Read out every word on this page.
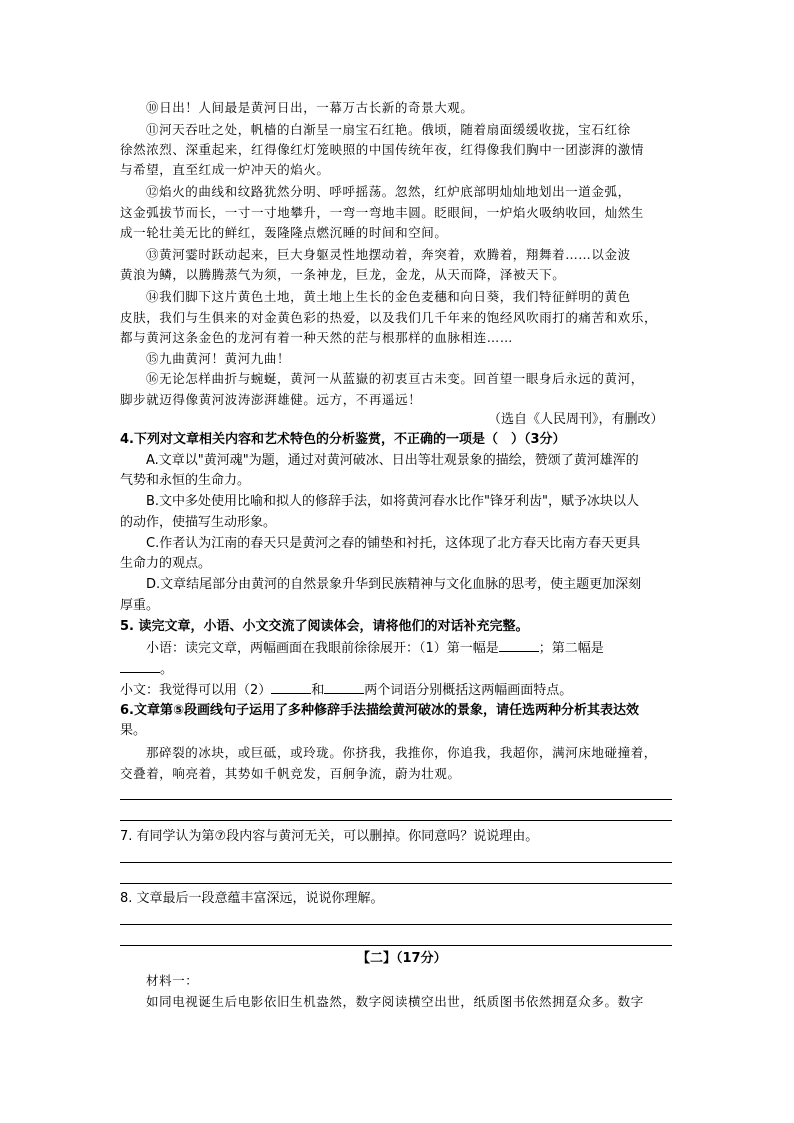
⑩日出！人间最是黄河日出，一幕万古长新的奇景大观。
⑪河天吞吐之处，帆樯的白渐呈一扇宝石红艳。俄顷，随着扇面缓缓收拢，宝石红徐
徐然浓烈、深重起来，红得像红灯笼映照的中国传统年夜，红得像我们胸中一团澎湃的激情
与希望，直至红成一炉冲天的焰火。
⑫焰火的曲线和纹路犹然分明、呼呼摇荡。忽然，红炉底部明灿灿地划出一道金弧，
这金弧拔节而长，一寸一寸地攀升，一弯一弯地丰圆。眨眼间，一炉焰火吸纳收回，灿然生
成一轮壮美无比的鲜红，轰隆隆点燃沉睡的时间和空间。
⑬黄河霎时跃动起来，巨大身躯灵性地摆动着，奔突着，欢腾着，翔舞着……以金波
黄浪为鳞，以腾腾蒸气为须，一条神龙，巨龙，金龙，从天而降，泽被天下。
⑭我们脚下这片黄色土地，黄土地上生长的金色麦穗和向日葵，我们特征鲜明的黄色
皮肤，我们与生俱来的对金黄色彩的热爱，以及我们几千年来的饱经风吹雨打的痛苦和欢乐，
都与黄河这条金色的龙河有着一种天然的茫与根那样的血脉相连……
⑮九曲黄河！黄河九曲！
⑯无论怎样曲折与蜿蜒，黄河一从蓝嶽的初衷亘古未变。回首望一眼身后永远的黄河，
脚步就迈得像黄河波涛澎湃雄健。远方，不再遥远！
（选自《人民周刊》，有删改）
4.下列对文章相关内容和艺术特色的分析鉴赏，不正确的一项是（　）（3分）
A.文章以"黄河魂"为题，通过对黄河破冰、日出等壮观景象的描绘，赞颂了黄河雄浑的
气势和永恒的生命力。
B.文中多处使用比喻和拟人的修辞手法，如将黄河春水比作"锋牙利齿"，赋予冰块以人
的动作，使描写生动形象。
C.作者认为江南的春天只是黄河之春的铺垫和衬托，这体现了北方春天比南方春天更具
生命力的观点。
D.文章结尾部分由黄河的自然景象升华到民族精神与文化血脉的思考，使主题更加深刻
厚重。
5. 读完文章，小语、小文交流了阅读体会，请将他们的对话补充完整。
小语：读完文章，两幅画面在我眼前徐徐展开：（1）第一幅是	；第二幅是
。
小文：我觉得可以用（2）	和	两个词语分别概括这两幅画面特点。
6.文章第⑤段画线句子运用了多种修辞手法描绘黄河破冰的景象，请任选两种分析其表达效
果。
那碎裂的冰块，或巨砥，或玲珑。你挤我，我推你，你追我，我超你，满河床地碰撞着，
交叠着，响亮着，其势如千帆竞发，百舸争流，蔚为壮观。
7. 有同学认为第⑦段内容与黄河无关，可以删掉。你同意吗？说说理由。
8. 文章最后一段意蕴丰富深远，说说你理解。
【二】（17分）
材料一：
如同电视诞生后电影依旧生机盎然，数字阅读横空出世，纸质图书依然拥趸众多。数字
